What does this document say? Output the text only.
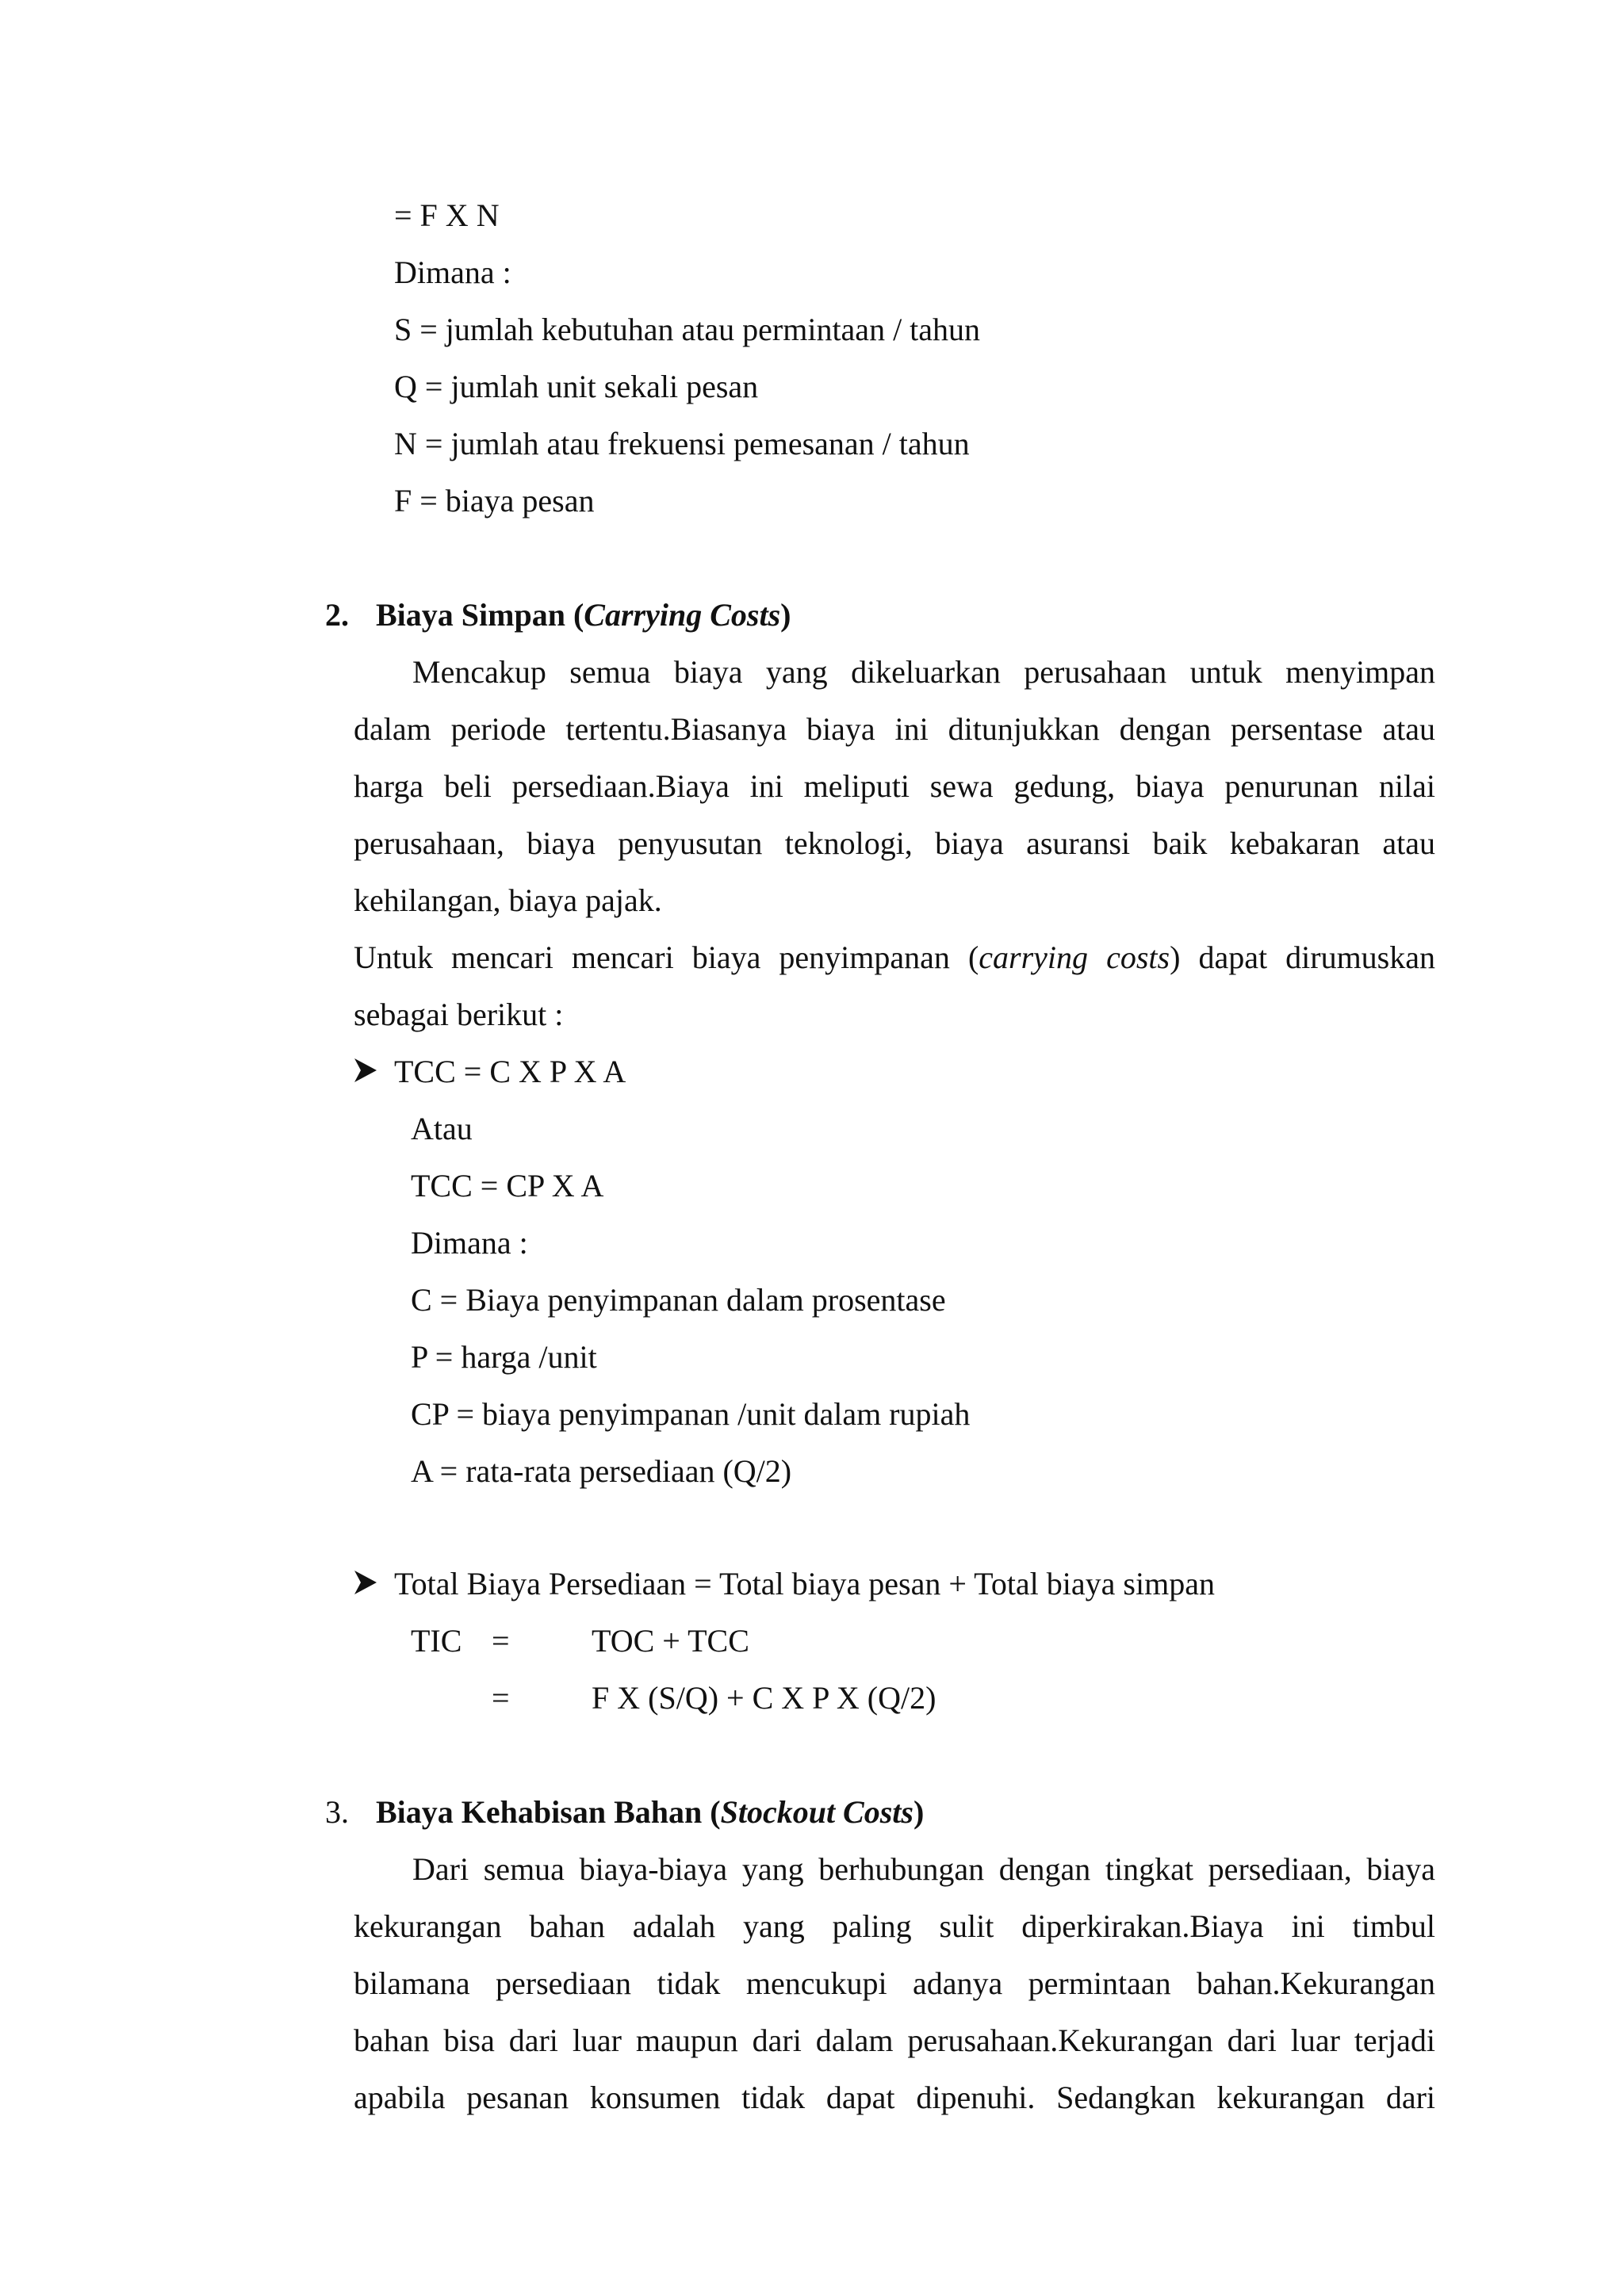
= F X N
Dimana :
S = jumlah kebutuhan atau permintaan / tahun
Q = jumlah unit sekali pesan
N = jumlah atau frekuensi pemesanan / tahun
F = biaya pesan
2. Biaya Simpan (Carrying Costs)
Mencakup semua biaya yang dikeluarkan perusahaan untuk menyimpan
dalam periode tertentu.Biasanya biaya ini ditunjukkan dengan persentase atau
harga beli persediaan.Biaya ini meliputi sewa gedung, biaya penurunan nilai
perusahaan, biaya penyusutan teknologi, biaya asuransi baik kebakaran atau
kehilangan, biaya pajak.
Untuk mencari mencari biaya penyimpanan (carrying costs) dapat dirumuskan
sebagai berikut :
TCC = C X P X A
Atau
TCC = CP X A
Dimana :
C = Biaya penyimpanan dalam prosentase
P = harga /unit
CP = biaya penyimpanan /unit dalam rupiah
A = rata-rata persediaan (Q/2)
Total Biaya Persediaan = Total biaya pesan + Total biaya simpan
TIC =	TOC + TCC
=	F X (S/Q) + C X P X (Q/2)
3. Biaya Kehabisan Bahan (Stockout Costs)
Dari semua biaya-biaya yang berhubungan dengan tingkat persediaan, biaya
kekurangan bahan adalah yang paling sulit diperkirakan.Biaya ini timbul
bilamana persediaan tidak mencukupi adanya permintaan bahan.Kekurangan
bahan bisa dari luar maupun dari dalam perusahaan.Kekurangan dari luar terjadi
apabila pesanan konsumen tidak dapat dipenuhi. Sedangkan kekurangan dari
